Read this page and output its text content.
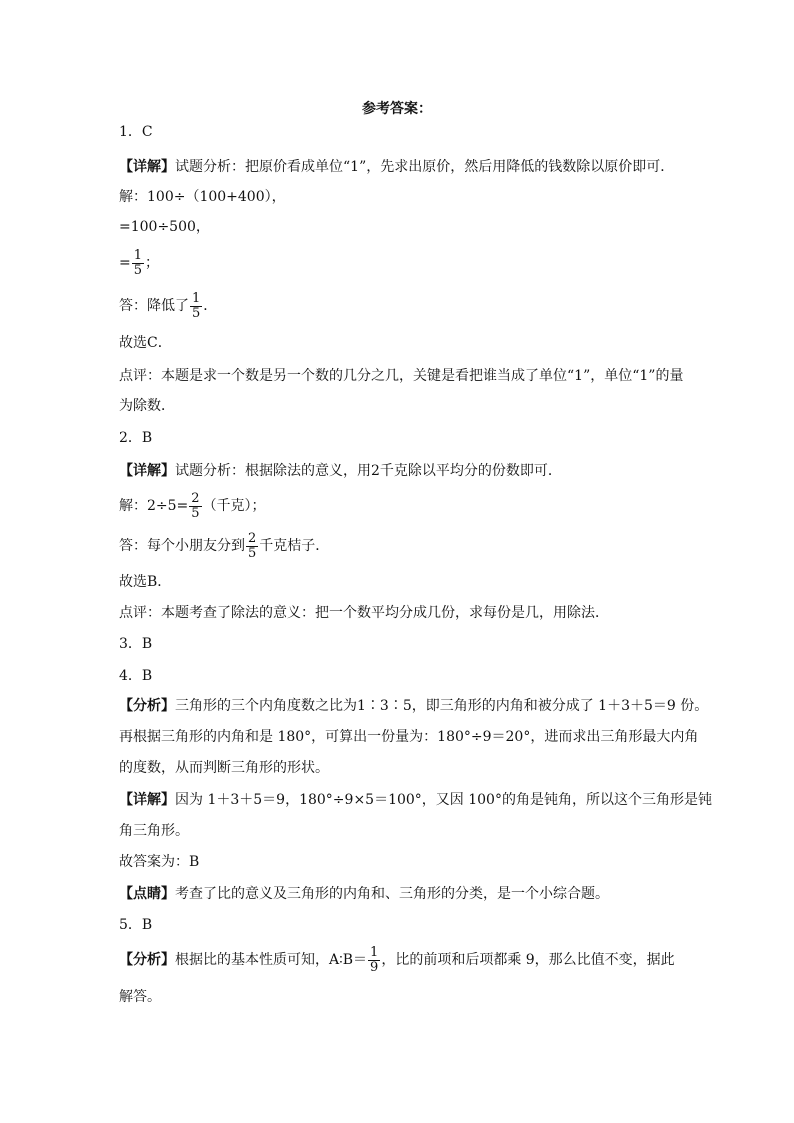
参考答案：
1．C
【详解】试题分析：把原价看成单位“1”，先求出原价，然后用降低的钱数除以原价即可．
解：100÷（100+400），
=100÷500，
= $\frac{1}{5}$ ；
答：降低了 $\frac{1}{5}$ ．
故选C．
点评：本题是求一个数是另一个数的几分之几，关键是看把谁当成了单位“1”，单位“1”的量
为除数．
2．B
【详解】试题分析：根据除法的意义，用2千克除以平均分的份数即可．
解：$2\div 5= \frac{2}{5}$ （千克）；
答：每个小朋友分到 $\frac{2}{5}$ 千克桔子．
故选B．
点评：本题考查了除法的意义：把一个数平均分成几份，求每份是几，用除法．
3．B
4．B
【分析】三角形的三个内角度数之比为1∶3∶5，即三角形的内角和被分成了 1＋3＋5＝9 份。
再根据三角形的内角和是 180°，可算出一份量为：180°÷9＝20°，进而求出三角形最大内角
的度数，从而判断三角形的形状。
【详解】因为 1＋3＋5＝9，180°÷9×5＝100°，又因 100°的角是钝角，所以这个三角形是钝
角三角形。
故答案为：B
【点睛】考查了比的意义及三角形的内角和、三角形的分类，是一个小综合题。
5．B
【分析】 根据比的基本性质可知，A∶B＝ $\frac{1}{9}$ ，比的前项和后项都乘 9，那么比值不变，据此
解答。
